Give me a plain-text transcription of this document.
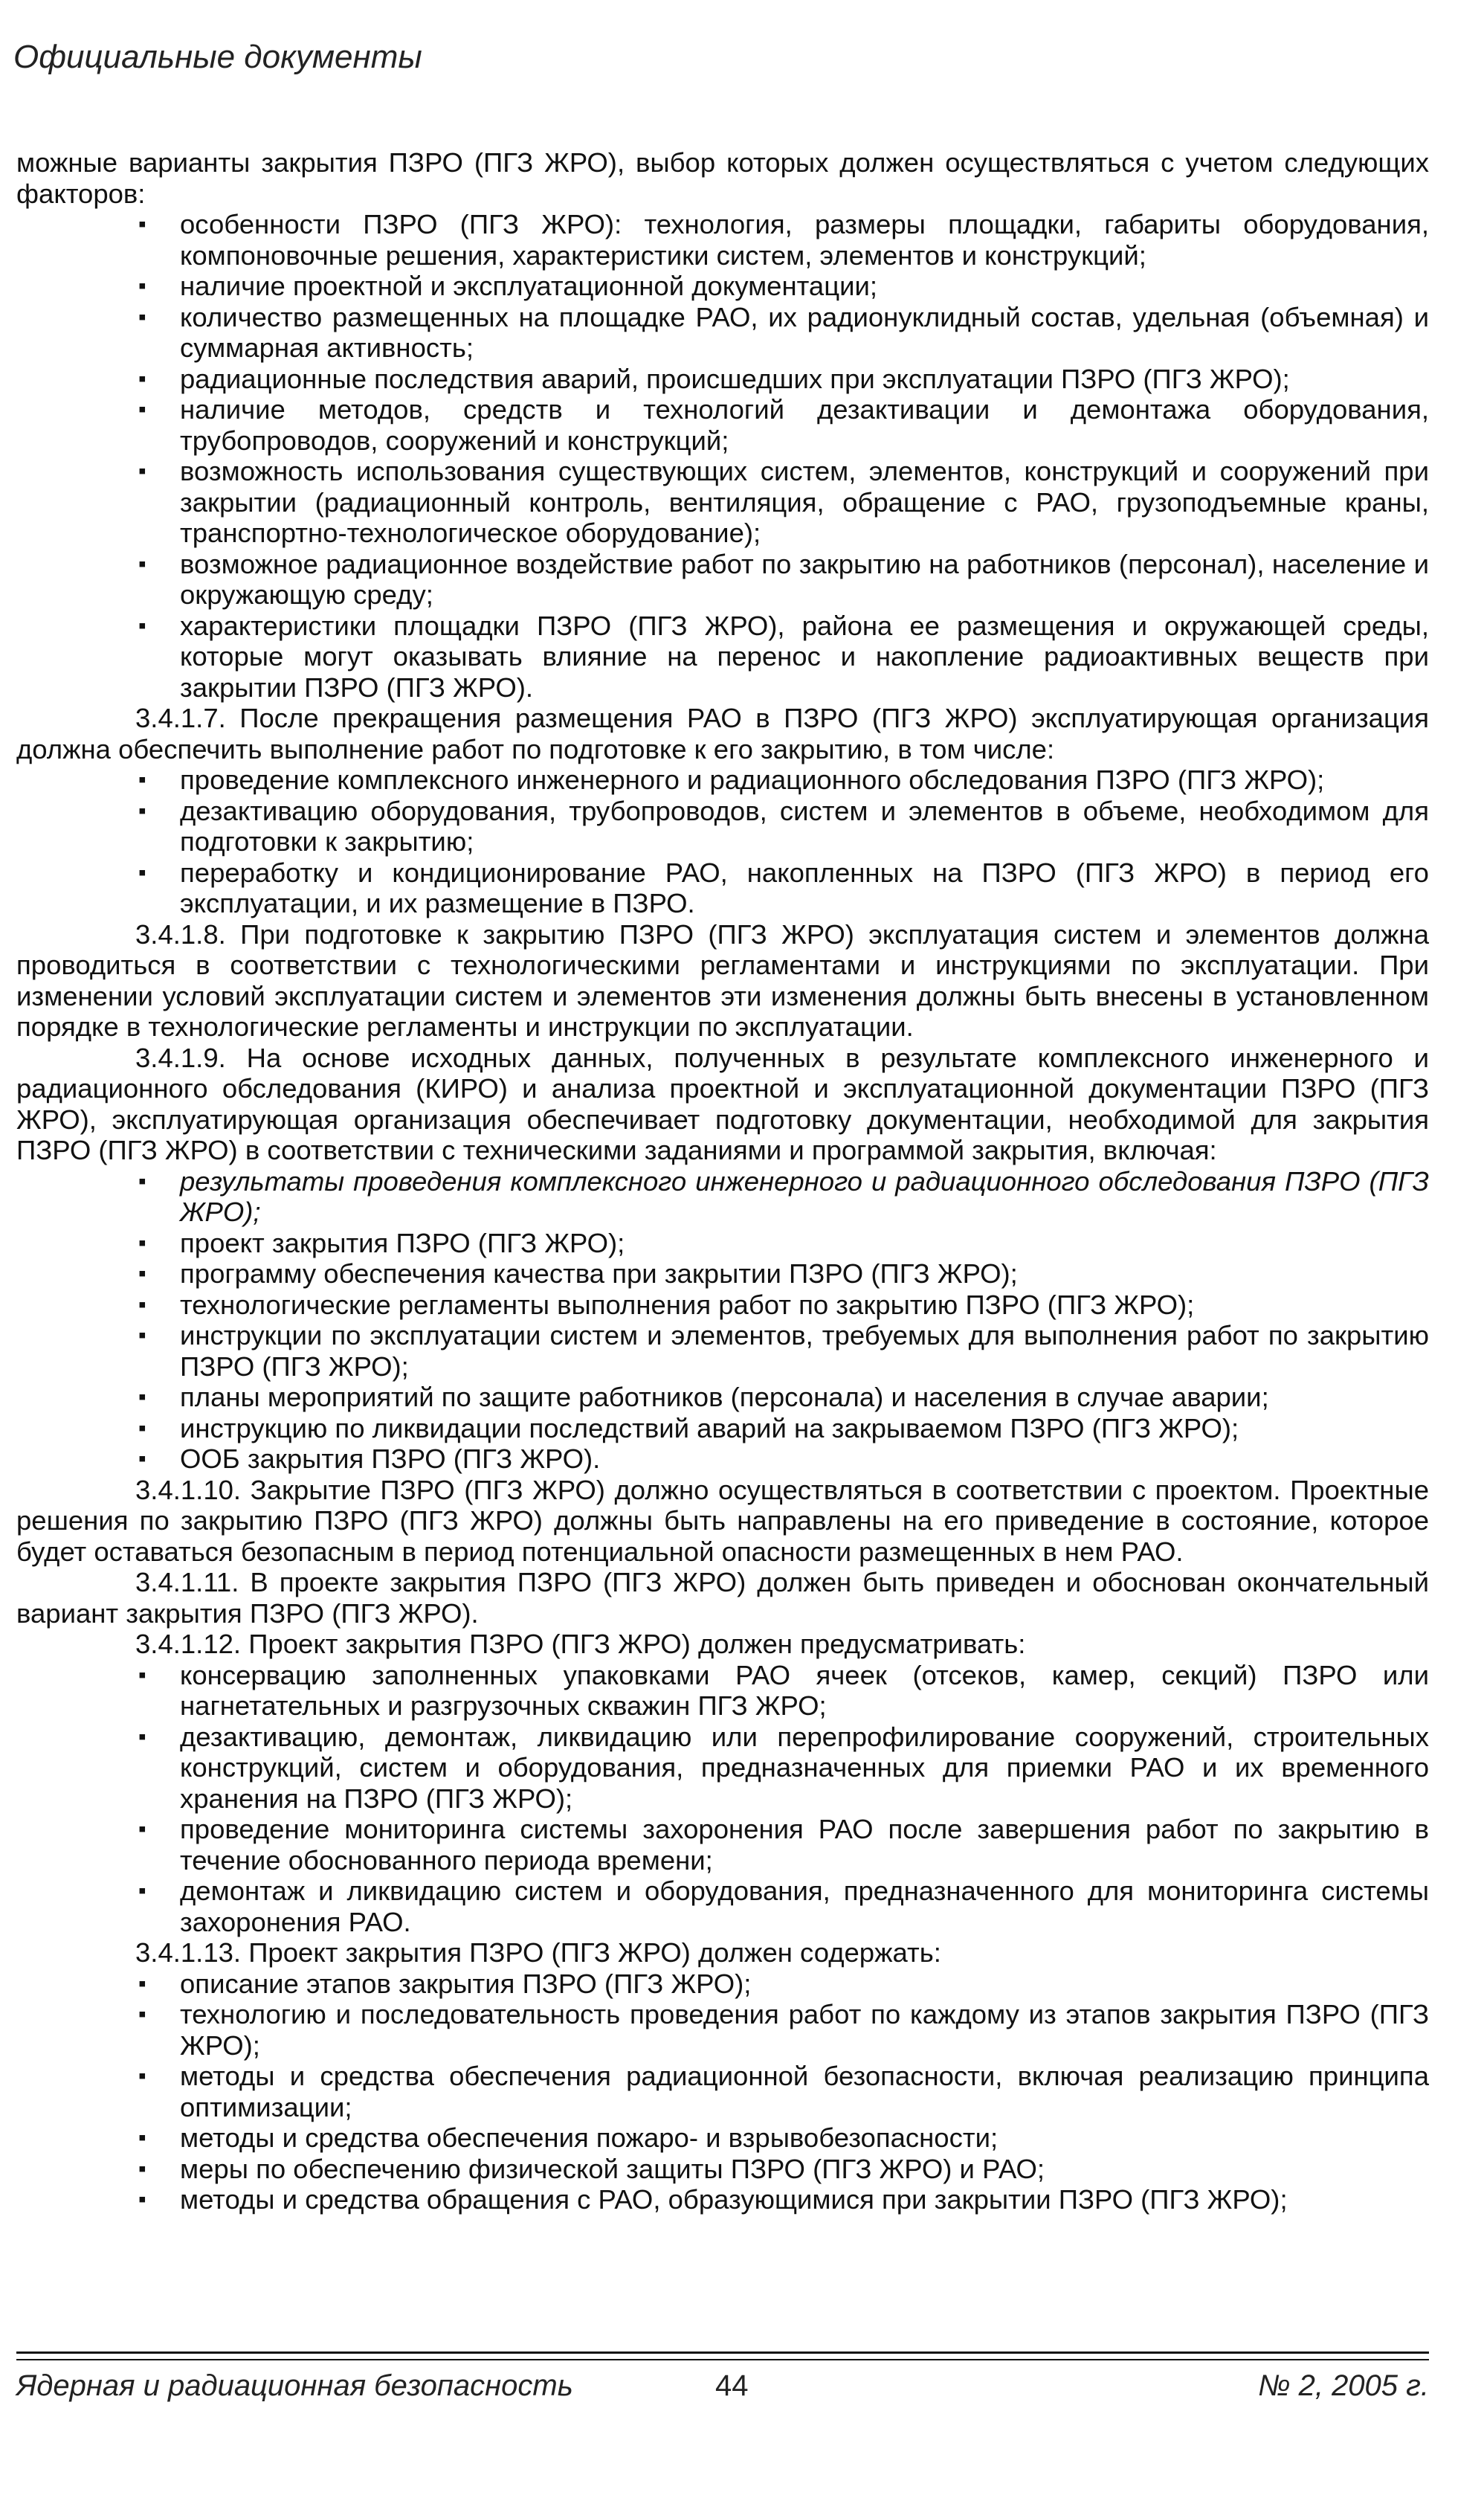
Официальные документы

можные варианты закрытия ПЗРО (ПГЗ ЖРО), выбор которых должен осуществляться с учетом следующих факторов:

▪ особенности ПЗРО (ПГЗ ЖРО): технология, размеры площадки, габариты оборудования, компоновочные решения, характеристики систем, элементов и конструкций;
▪ наличие проектной и эксплуатационной документации;
▪ количество размещенных на площадке РАО, их радионуклидный состав, удельная (объемная) и суммарная активность;
▪ радиационные последствия аварий, происшедших при эксплуатации ПЗРО (ПГЗ ЖРО);
▪ наличие методов, средств и технологий дезактивации и демонтажа оборудования, трубопроводов, сооружений и конструкций;
▪ возможность использования существующих систем, элементов, конструкций и сооружений при закрытии (радиационный контроль, вентиляция, обращение с РАО, грузоподъемные краны, транспортно-технологическое оборудование);
▪ возможное радиационное воздействие работ по закрытию на работников (персонал), население и окружающую среду;
▪ характеристики площадки ПЗРО (ПГЗ ЖРО), района ее размещения и окружающей среды, которые могут оказывать влияние на перенос и накопление радиоактивных веществ при закрытии ПЗРО (ПГЗ ЖРО).

3.4.1.7. После прекращения размещения РАО в ПЗРО (ПГЗ ЖРО) эксплуатирующая организация должна обеспечить выполнение работ по подготовке к его закрытию, в том числе:

▪ проведение комплексного инженерного и радиационного обследования ПЗРО (ПГЗ ЖРО);
▪ дезактивацию оборудования, трубопроводов, систем и элементов в объеме, необходимом для подготовки к закрытию;
▪ переработку и кондиционирование РАО, накопленных на ПЗРО (ПГЗ ЖРО) в период его эксплуатации, и их размещение в ПЗРО.

3.4.1.8. При подготовке к закрытию ПЗРО (ПГЗ ЖРО) эксплуатация систем и элементов должна проводиться в соответствии с технологическими регламентами и инструкциями по эксплуатации. При изменении условий эксплуатации систем и элементов эти изменения должны быть внесены в установленном порядке в технологические регламенты и инструкции по эксплуатации.

3.4.1.9. На основе исходных данных, полученных в результате комплексного инженерного и радиационного обследования (КИРО) и анализа проектной и эксплуатационной документации ПЗРО (ПГЗ ЖРО), эксплуатирующая организация обеспечивает подготовку документации, необходимой для закрытия ПЗРО (ПГЗ ЖРО) в соответствии с техническими заданиями и программой закрытия, включая:

▪ результаты проведения комплексного инженерного и радиационного обследования ПЗРО (ПГЗ ЖРО);
▪ проект закрытия ПЗРО (ПГЗ ЖРО);
▪ программу обеспечения качества при закрытии ПЗРО (ПГЗ ЖРО);
▪ технологические регламенты выполнения работ по закрытию ПЗРО (ПГЗ ЖРО);
▪ инструкции по эксплуатации систем и элементов, требуемых для выполнения работ по закрытию ПЗРО (ПГЗ ЖРО);
▪ планы мероприятий по защите работников (персонала) и населения в случае аварии;
▪ инструкцию по ликвидации последствий аварий на закрываемом ПЗРО (ПГЗ ЖРО);
▪ ООБ закрытия ПЗРО (ПГЗ ЖРО).

3.4.1.10. Закрытие ПЗРО (ПГЗ ЖРО) должно осуществляться в соответствии с проектом. Проектные решения по закрытию ПЗРО (ПГЗ ЖРО) должны быть направлены на его приведение в состояние, которое будет оставаться безопасным в период потенциальной опасности размещенных в нем РАО.

3.4.1.11. В проекте закрытия ПЗРО (ПГЗ ЖРО) должен быть приведен и обоснован окончательный вариант закрытия ПЗРО (ПГЗ ЖРО).

3.4.1.12. Проект закрытия ПЗРО (ПГЗ ЖРО) должен предусматривать:

▪ консервацию заполненных упаковками РАО ячеек (отсеков, камер, секций) ПЗРО или нагнетательных и разгрузочных скважин ПГЗ ЖРО;
▪ дезактивацию, демонтаж, ликвидацию или перепрофилирование сооружений, строительных конструкций, систем и оборудования, предназначенных для приемки РАО и их временного хранения на ПЗРО (ПГЗ ЖРО);
▪ проведение мониторинга системы захоронения РАО после завершения работ по закрытию в течение обоснованного периода времени;
▪ демонтаж и ликвидацию систем и оборудования, предназначенного для мониторинга системы захоронения РАО.

3.4.1.13. Проект закрытия ПЗРО (ПГЗ ЖРО) должен содержать:

▪ описание этапов закрытия ПЗРО (ПГЗ ЖРО);
▪ технологию и последовательность проведения работ по каждому из этапов закрытия ПЗРО (ПГЗ ЖРО);
▪ методы и средства обеспечения радиационной безопасности, включая реализацию принципа оптимизации;
▪ методы и средства обеспечения пожаро- и взрывобезопасности;
▪ меры по обеспечению физической защиты ПЗРО (ПГЗ ЖРО) и РАО;
▪ методы и средства обращения с РАО, образующимися при закрытии ПЗРО (ПГЗ ЖРО);
Ядерная и радиационная безопасность	44	№ 2, 2005 г.
